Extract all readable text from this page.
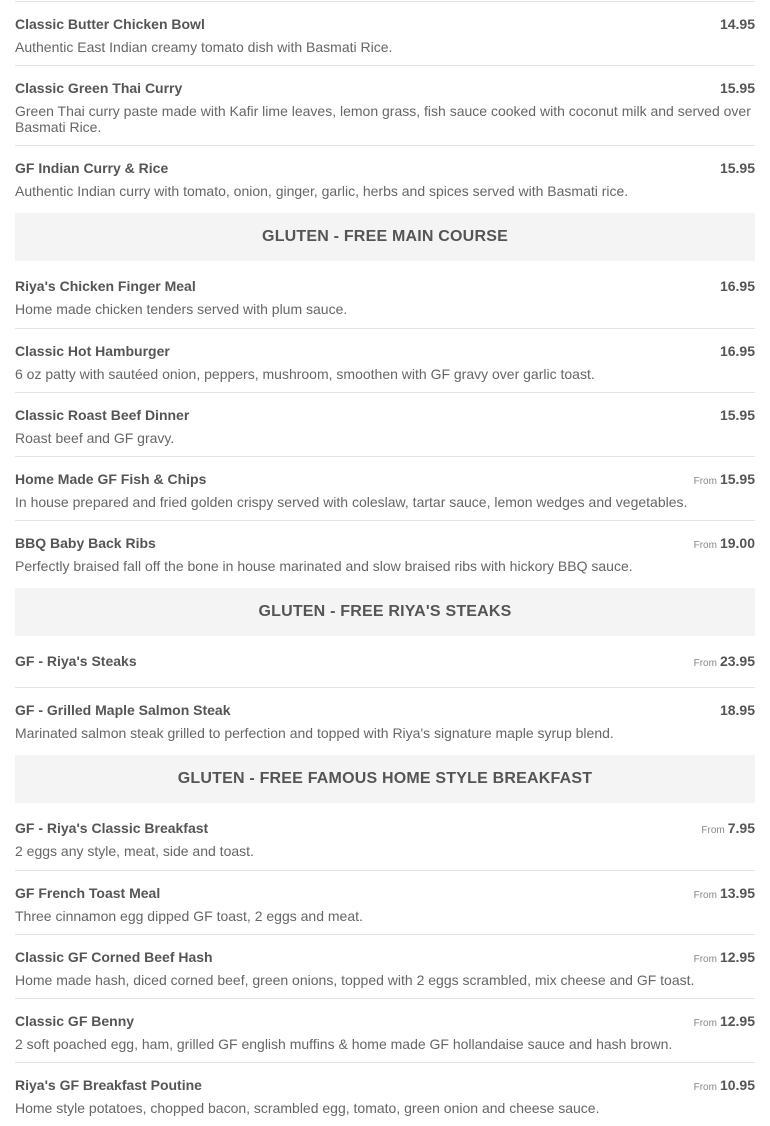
Classic Butter Chicken Bowl	14.95
Authentic East Indian creamy tomato dish with Basmati Rice.
Classic Green Thai Curry	15.95
Green Thai curry paste made with Kafir lime leaves, lemon grass, fish sauce cooked with coconut milk and served over Basmati Rice.
GF Indian Curry & Rice	15.95
Authentic Indian curry with tomato, onion, ginger, garlic, herbs and spices served with Basmati rice.
GLUTEN - FREE MAIN COURSE
Riya's Chicken Finger Meal	16.95
Home made chicken tenders served with plum sauce.
Classic Hot Hamburger	16.95
6 oz patty with sautéed onion, peppers, mushroom, smoothen with GF gravy over garlic toast.
Classic Roast Beef Dinner	15.95
Roast beef and GF gravy.
Home Made GF Fish & Chips	From 15.95
In house prepared and fried golden crispy served with coleslaw, tartar sauce, lemon wedges and vegetables.
BBQ Baby Back Ribs	From 19.00
Perfectly braised fall off the bone in house marinated and slow braised ribs with hickory BBQ sauce.
GLUTEN - FREE RIYA'S STEAKS
GF - Riya's Steaks	From 23.95
GF - Grilled Maple Salmon Steak	18.95
Marinated salmon steak grilled to perfection and topped with Riya's signature maple syrup blend.
GLUTEN - FREE FAMOUS HOME STYLE BREAKFAST
GF - Riya's Classic Breakfast	From 7.95
2 eggs any style, meat, side and toast.
GF French Toast Meal	From 13.95
Three cinnamon egg dipped GF toast, 2 eggs and meat.
Classic GF Corned Beef Hash	From 12.95
Home made hash, diced corned beef, green onions, topped with 2 eggs scrambled, mix cheese and GF toast.
Classic GF Benny	From 12.95
2 soft poached egg, ham, grilled GF english muffins & home made GF hollandaise sauce and hash brown.
Riya's GF Breakfast Poutine	From 10.95
Home style potatoes, chopped bacon, scrambled egg, tomato, green onion and cheese sauce.
